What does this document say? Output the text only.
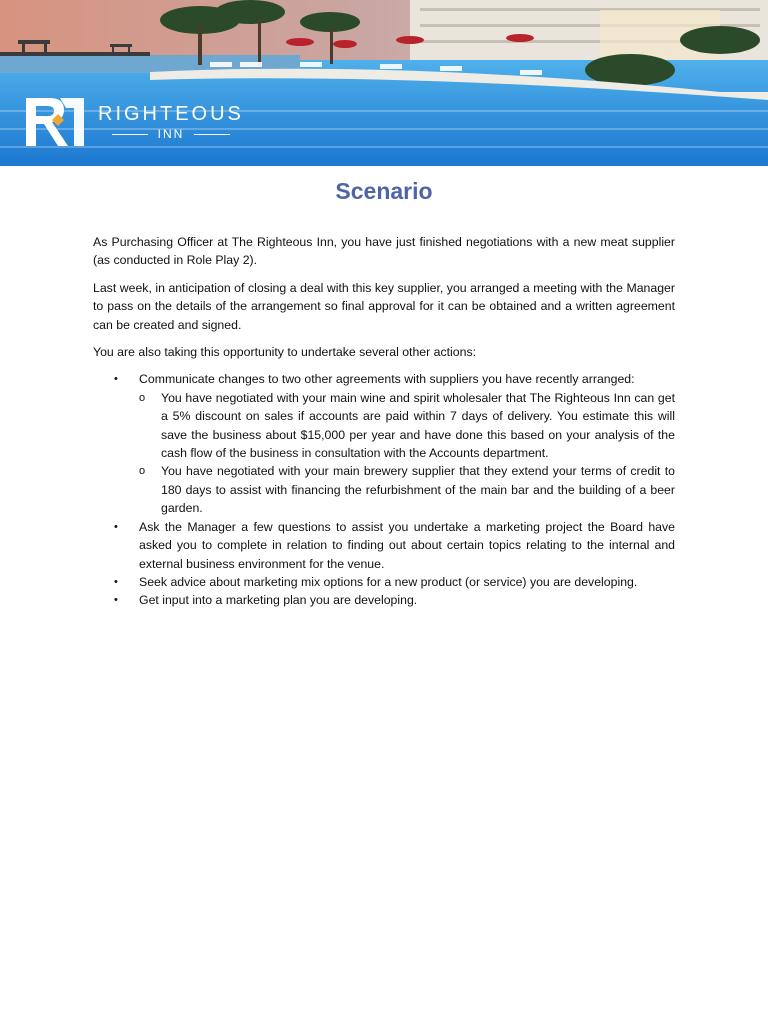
RIGHTEOUS
INN
Scenario

As Purchasing Officer at The Righteous Inn, you have just finished negotiations with a new meat supplier (as conducted in Role Play 2).

Last week, in anticipation of closing a deal with this key supplier, you arranged a meeting with the Manager to pass on the details of the arrangement so final approval for it can be obtained and a written agreement can be created and signed.

You are also taking this opportunity to undertake several other actions:

• Communicate changes to two other agreements with suppliers you have recently arranged:
o You have negotiated with your main wine and spirit wholesaler that The Righteous Inn can get a 5% discount on sales if accounts are paid within 7 days of delivery. You estimate this will save the business about $15,000 per year and have done this based on your analysis of the cash flow of the business in consultation with the Accounts department.
o You have negotiated with your main brewery supplier that they extend your terms of credit to 180 days to assist with financing the refurbishment of the main bar and the building of a beer garden.
• Ask the Manager a few questions to assist you undertake a marketing project the Board have asked you to complete in relation to finding out about certain topics relating to the internal and external business environment for the venue.
• Seek advice about marketing mix options for a new product (or service) you are developing.
• Get input into a marketing plan you are developing.
